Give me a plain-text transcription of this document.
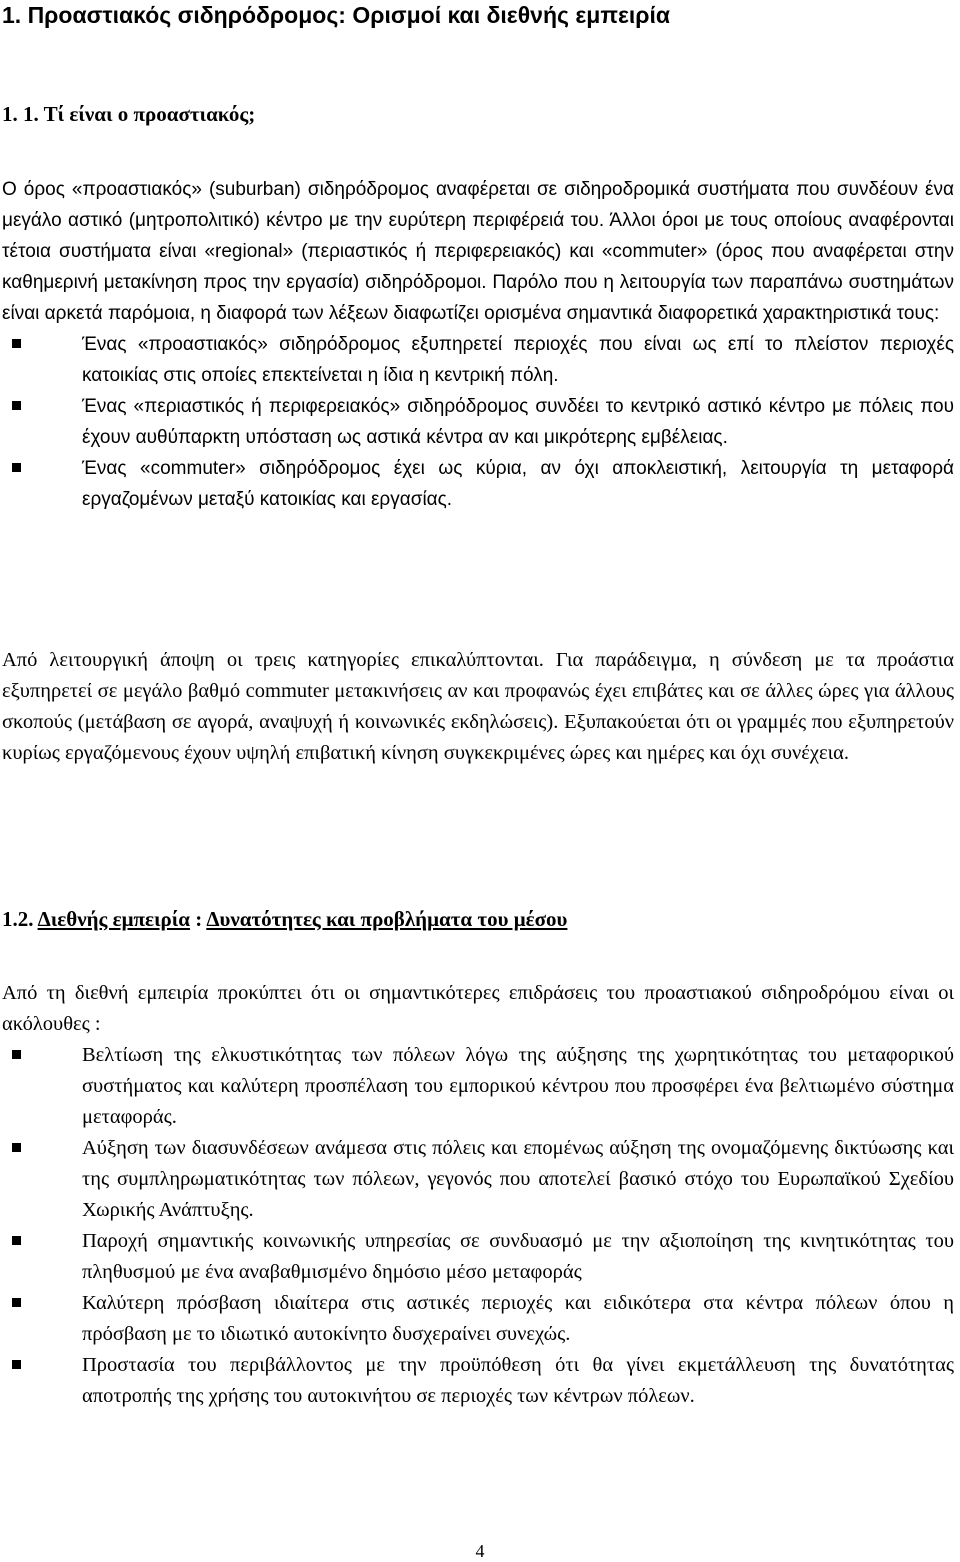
1. Προαστιακός σιδηρόδρομος: Ορισμοί και διεθνής εμπειρία
1. 1. Τί είναι ο προαστιακός;
Ο όρος «προαστιακός» (suburban) σιδηρόδρομος αναφέρεται σε σιδηροδρομικά συστήματα που συνδέουν ένα μεγάλο αστικό (μητροπολιτικό) κέντρο με την ευρύτερη περιφέρειά του. Άλλοι όροι με τους οποίους αναφέρονται τέτοια συστήματα είναι «regional» (περιαστικός ή περιφερειακός) και «commuter» (όρος που αναφέρεται στην καθημερινή μετακίνηση προς την εργασία) σιδηρόδρομοι. Παρόλο που η λειτουργία των παραπάνω συστημάτων είναι αρκετά παρόμοια, η διαφορά των λέξεων διαφωτίζει ορισμένα σημαντικά διαφορετικά χαρακτηριστικά τους:
Ένας «προαστιακός» σιδηρόδρομος εξυπηρετεί περιοχές που είναι ως επί το πλείστον περιοχές κατοικίας στις οποίες επεκτείνεται η ίδια η κεντρική πόλη.
Ένας «περιαστικός ή περιφερειακός» σιδηρόδρομος συνδέει το κεντρικό αστικό κέντρο με πόλεις που έχουν αυθύπαρκτη υπόσταση ως αστικά κέντρα αν και μικρότερης εμβέλειας.
Ένας «commuter» σιδηρόδρομος έχει ως κύρια, αν όχι αποκλειστική, λειτουργία τη μεταφορά εργαζομένων μεταξύ κατοικίας και εργασίας.
Από λειτουργική άποψη οι τρεις κατηγορίες επικαλύπτονται. Για παράδειγμα, η σύνδεση με τα προάστια εξυπηρετεί σε μεγάλο βαθμό commuter μετακινήσεις αν και προφανώς έχει επιβάτες και σε άλλες ώρες για άλλους σκοπούς (μετάβαση σε αγορά, αναψυχή ή κοινωνικές εκδηλώσεις). Εξυπακούεται ότι οι γραμμές που εξυπηρετούν κυρίως εργαζόμενους έχουν υψηλή επιβατική κίνηση συγκεκριμένες ώρες και ημέρες και όχι συνέχεια.
1.2. Διεθνής εμπειρία : Δυνατότητες και προβλήματα του μέσου
Από τη διεθνή εμπειρία προκύπτει ότι οι σημαντικότερες επιδράσεις του προαστιακού σιδηροδρόμου είναι οι ακόλουθες :
Βελτίωση της ελκυστικότητας των πόλεων λόγω της αύξησης της χωρητικότητας του μεταφορικού συστήματος και καλύτερη προσπέλαση του εμπορικού κέντρου που προσφέρει ένα βελτιωμένο σύστημα μεταφοράς.
Αύξηση των διασυνδέσεων ανάμεσα στις πόλεις και επομένως αύξηση της ονομαζόμενης δικτύωσης και της συμπληρωματικότητας των πόλεων, γεγονός που αποτελεί βασικό στόχο του Ευρωπαϊκού Σχεδίου Χωρικής Ανάπτυξης.
Παροχή σημαντικής κοινωνικής υπηρεσίας σε συνδυασμό με την αξιοποίηση της κινητικότητας του πληθυσμού με ένα αναβαθμισμένο δημόσιο μέσο μεταφοράς
Καλύτερη πρόσβαση ιδιαίτερα στις αστικές περιοχές και ειδικότερα στα κέντρα πόλεων όπου η πρόσβαση με το ιδιωτικό αυτοκίνητο δυσχεραίνει συνεχώς.
Προστασία του περιβάλλοντος με την προϋπόθεση ότι θα γίνει εκμετάλλευση της δυνατότητας αποτροπής της χρήσης του αυτοκινήτου σε περιοχές των κέντρων πόλεων.
4
